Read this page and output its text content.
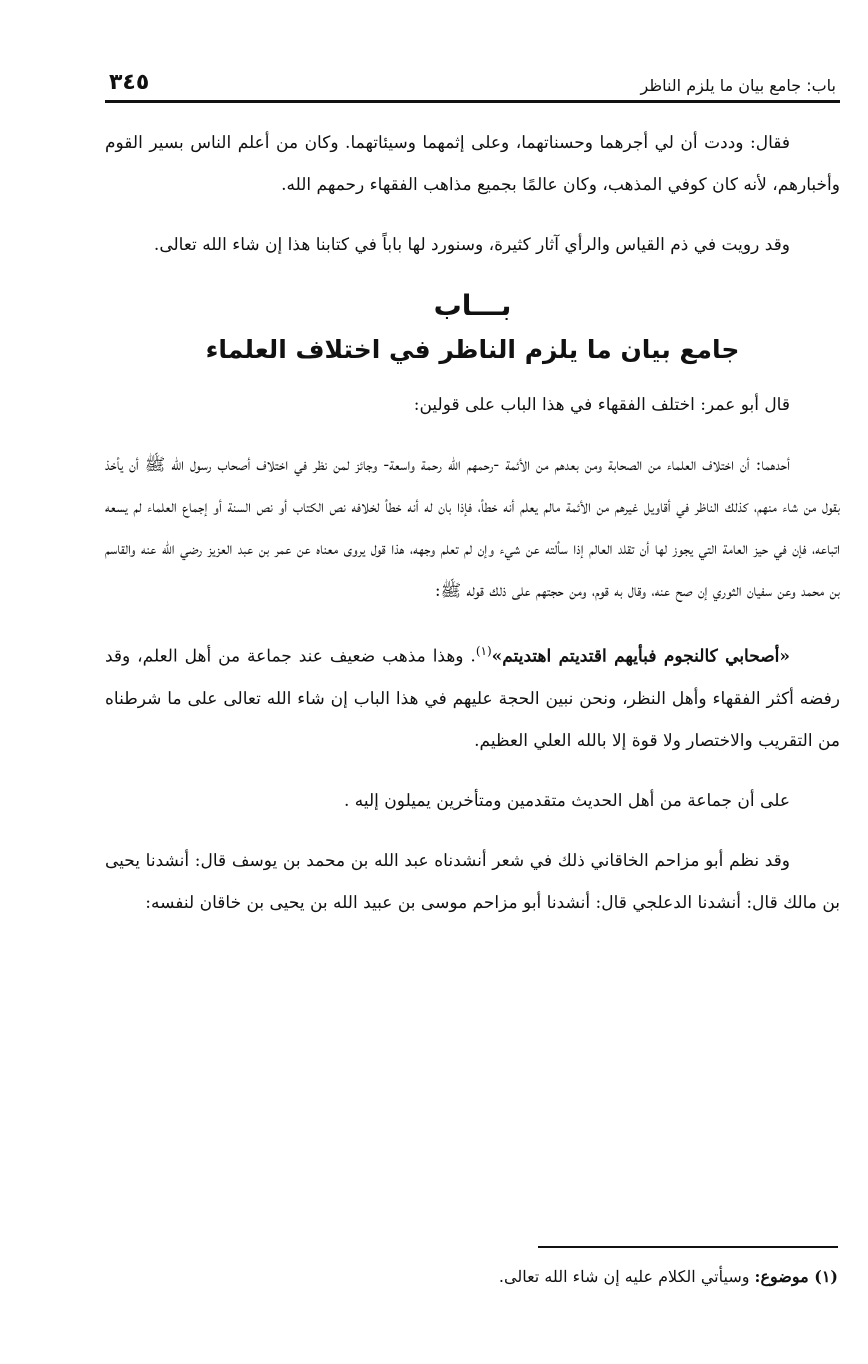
باب: جامع بيان ما يلزم الناظر
٣٤٥

فقال: وددت أن لي أجرهما وحسناتهما، وعلى إثمهما وسيئاتهما. وكان من أعلم الناس بسير القوم وأخبارهم، لأنه كان كوفي المذهب، وكان عالمًا بجميع مذاهب الفقهاء رحمهم الله.

وقد رويت في ذم القياس والرأي آثار كثيرة، وسنورد لها باباً في كتابنا هذا إن شاء الله تعالى.

بـــاب
جامع بيان ما يلزم الناظر في اختلاف العلماء

قال أبو عمر: اختلف الفقهاء في هذا الباب على قولين:

أحدهما: أن اختلاف العلماء من الصحابة ومن بعدهم من الأئمة -رحمهم الله رحمة واسعة- وجائز لمن نظر في اختلاف أصحاب رسول الله ﷺ أن يأخذ بقول من شاء منهم، كذلك الناظر في أقاويل غيرهم من الأئمة مالم يعلم أنه خطأ، فإذا بان له أنه خطأ لخلافه نص الكتاب أو نص السنة أو إجماع العلماء لم يسعه اتباعه، فإن في حيز العامة التي يجوز لها أن تقلد العالم إذا سألته عن شيء وإن لم تعلم وجهه، هذا قول يروى معناه عن عمر بن عبد العزيز رضي الله عنه والقاسم بن محمد وعن سفيان الثوري إن صح عنه، وقال به قوم، ومن حجتهم على ذلك قوله ﷺ:

«أصحابي كالنجوم فبأيهم اقتديتم اهتديتم»$^{(١)}$. وهذا مذهب ضعيف عند جماعة من أهل العلم، وقد رفضه أكثر الفقهاء وأهل النظر، ونحن نبين الحجة عليهم في هذا الباب إن شاء الله تعالى على ما شرطناه من التقريب والاختصار ولا قوة إلا بالله العلي العظيم.

على أن جماعة من أهل الحديث متقدمين ومتأخرين يميلون إليه .

وقد نظم أبو مزاحم الخاقاني ذلك في شعر أنشدناه عبد الله بن محمد بن يوسف قال: أنشدنا يحيى بن مالك قال: أنشدنا الدعلجي قال: أنشدنا أبو مزاحم موسى بن عبيد الله بن يحيى بن خاقان لنفسه:

(١) موضوع: وسيأتي الكلام عليه إن شاء الله تعالى.
